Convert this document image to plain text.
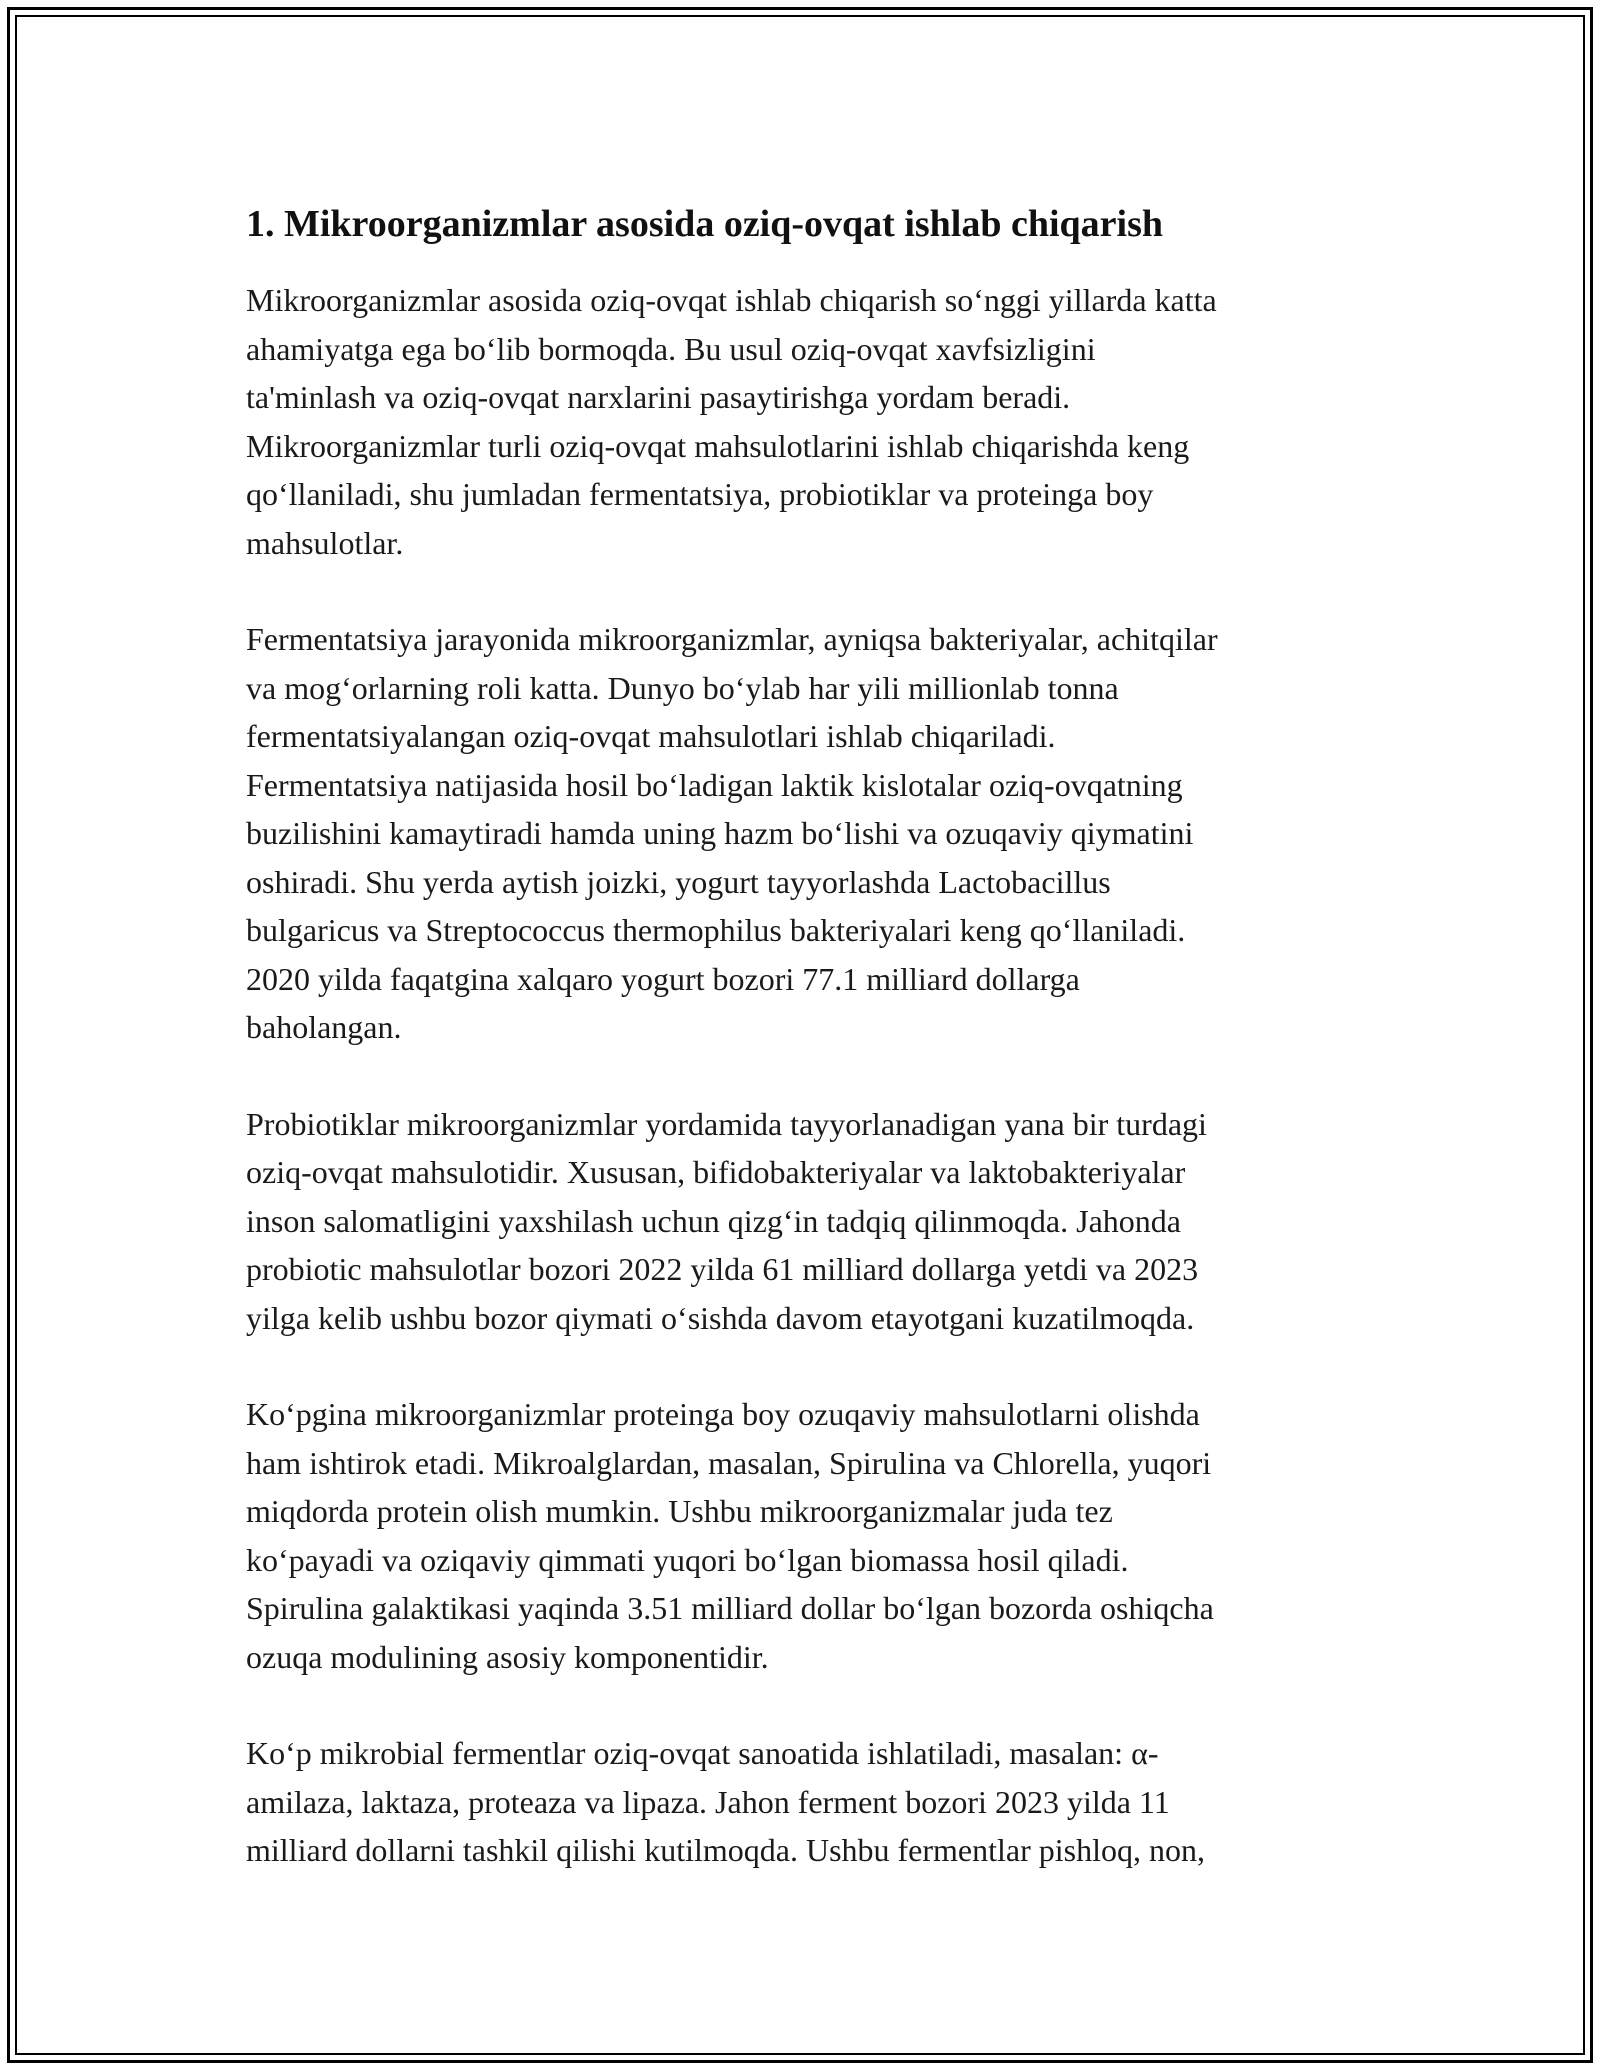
1. Mikroorganizmlar asosida oziq-ovqat ishlab chiqarish

Mikroorganizmlar asosida oziq-ovqat ishlab chiqarish so‘nggi yillarda katta
ahamiyatga ega bo‘lib bormoqda. Bu usul oziq-ovqat xavfsizligini
ta'minlash va oziq-ovqat narxlarini pasaytirishga yordam beradi.
Mikroorganizmlar turli oziq-ovqat mahsulotlarini ishlab chiqarishda keng
qo‘llaniladi, shu jumladan fermentatsiya, probiotiklar va proteinga boy
mahsulotlar.

Fermentatsiya jarayonida mikroorganizmlar, ayniqsa bakteriyalar, achitqilar
va mog‘orlarning roli katta. Dunyo bo‘ylab har yili millionlab tonna
fermentatsiyalangan oziq-ovqat mahsulotlari ishlab chiqariladi.
Fermentatsiya natijasida hosil bo‘ladigan laktik kislotalar oziq-ovqatning
buzilishini kamaytiradi hamda uning hazm bo‘lishi va ozuqaviy qiymatini
oshiradi. Shu yerda aytish joizki, yogurt tayyorlashda Lactobacillus
bulgaricus va Streptococcus thermophilus bakteriyalari keng qo‘llaniladi.
2020 yilda faqatgina xalqaro yogurt bozori 77.1 milliard dollarga
baholangan.

Probiotiklar mikroorganizmlar yordamida tayyorlanadigan yana bir turdagi
oziq-ovqat mahsulotidir. Xususan, bifidobakteriyalar va laktobakteriyalar
inson salomatligini yaxshilash uchun qizg‘in tadqiq qilinmoqda. Jahonda
probiotic mahsulotlar bozori 2022 yilda 61 milliard dollarga yetdi va 2023
yilga kelib ushbu bozor qiymati o‘sishda davom etayotgani kuzatilmoqda.

Ko‘pgina mikroorganizmlar proteinga boy ozuqaviy mahsulotlarni olishda
ham ishtirok etadi. Mikroalglardan, masalan, Spirulina va Chlorella, yuqori
miqdorda protein olish mumkin. Ushbu mikroorganizmalar juda tez
ko‘payadi va oziqaviy qimmati yuqori bo‘lgan biomassa hosil qiladi.
Spirulina galaktikasi yaqinda 3.51 milliard dollar bo‘lgan bozorda oshiqcha
ozuqa modulining asosiy komponentidir.

Ko‘p mikrobial fermentlar oziq-ovqat sanoatida ishlatiladi, masalan: α-
amilaza, laktaza, proteaza va lipaza. Jahon ferment bozori 2023 yilda 11
milliard dollarni tashkil qilishi kutilmoqda. Ushbu fermentlar pishloq, non,
